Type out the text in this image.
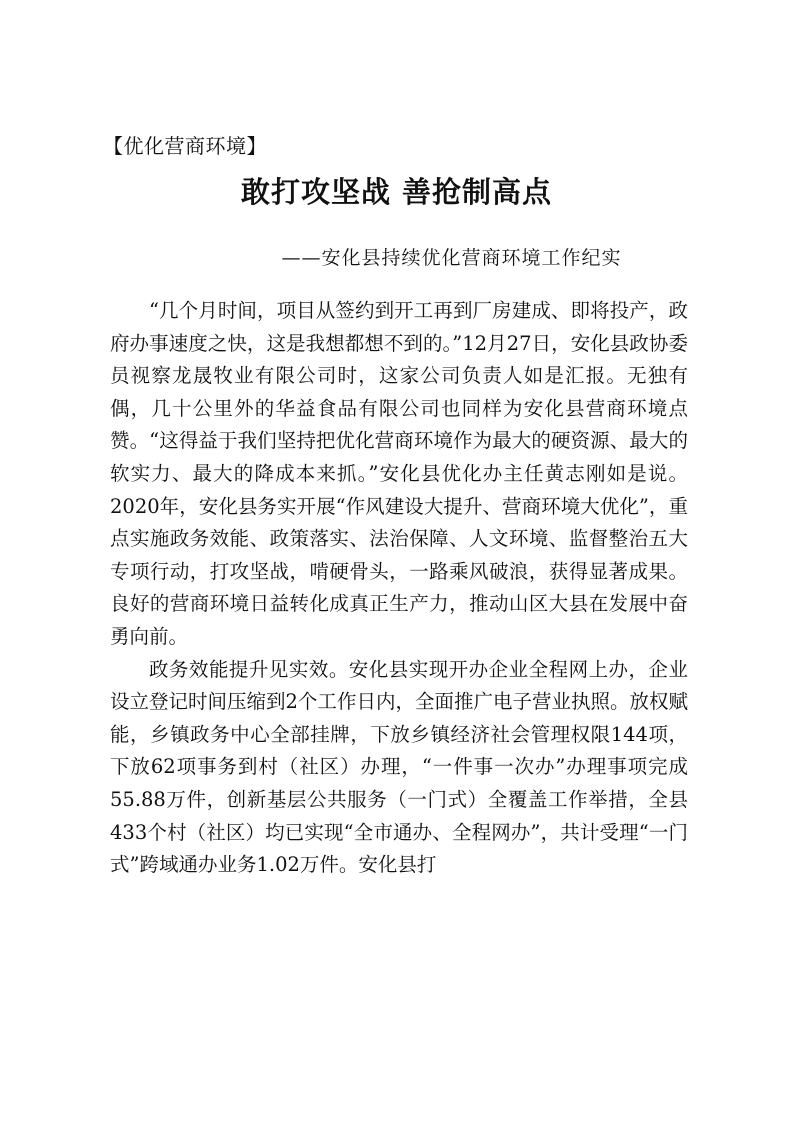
【优化营商环境】
敢打攻坚战 善抢制高点
——安化县持续优化营商环境工作纪实

“几个月时间，项目从签约到开工再到厂房建成、即将投产，政府办事速度之快，这是我想都想不到的。”12月27日，安化县政协委员视察龙晟牧业有限公司时，这家公司负责人如是汇报。无独有偶，几十公里外的华益食品有限公司也同样为安化县营商环境点赞。“这得益于我们坚持把优化营商环境作为最大的硬资源、最大的软实力、最大的降成本来抓。”安化县优化办主任黄志刚如是说。2020年，安化县务实开展“作风建设大提升、营商环境大优化”，重点实施政务效能、政策落实、法治保障、人文环境、监督整治五大专项行动，打攻坚战，啃硬骨头，一路乘风破浪，获得显著成果。良好的营商环境日益转化成真正生产力，推动山区大县在发展中奋勇向前。

政务效能提升见实效。安化县实现开办企业全程网上办，企业设立登记时间压缩到2个工作日内，全面推广电子营业执照。放权赋能，乡镇政务中心全部挂牌，下放乡镇经济社会管理权限144项，下放62项事务到村（社区）办理，“一件事一次办”办理事项完成55.88万件，创新基层公共服务（一门式）全覆盖工作举措，全县433个村（社区）均已实现“全市通办、全程网办”，共计受理“一门式”跨域通办业务1.02万件。安化县打
